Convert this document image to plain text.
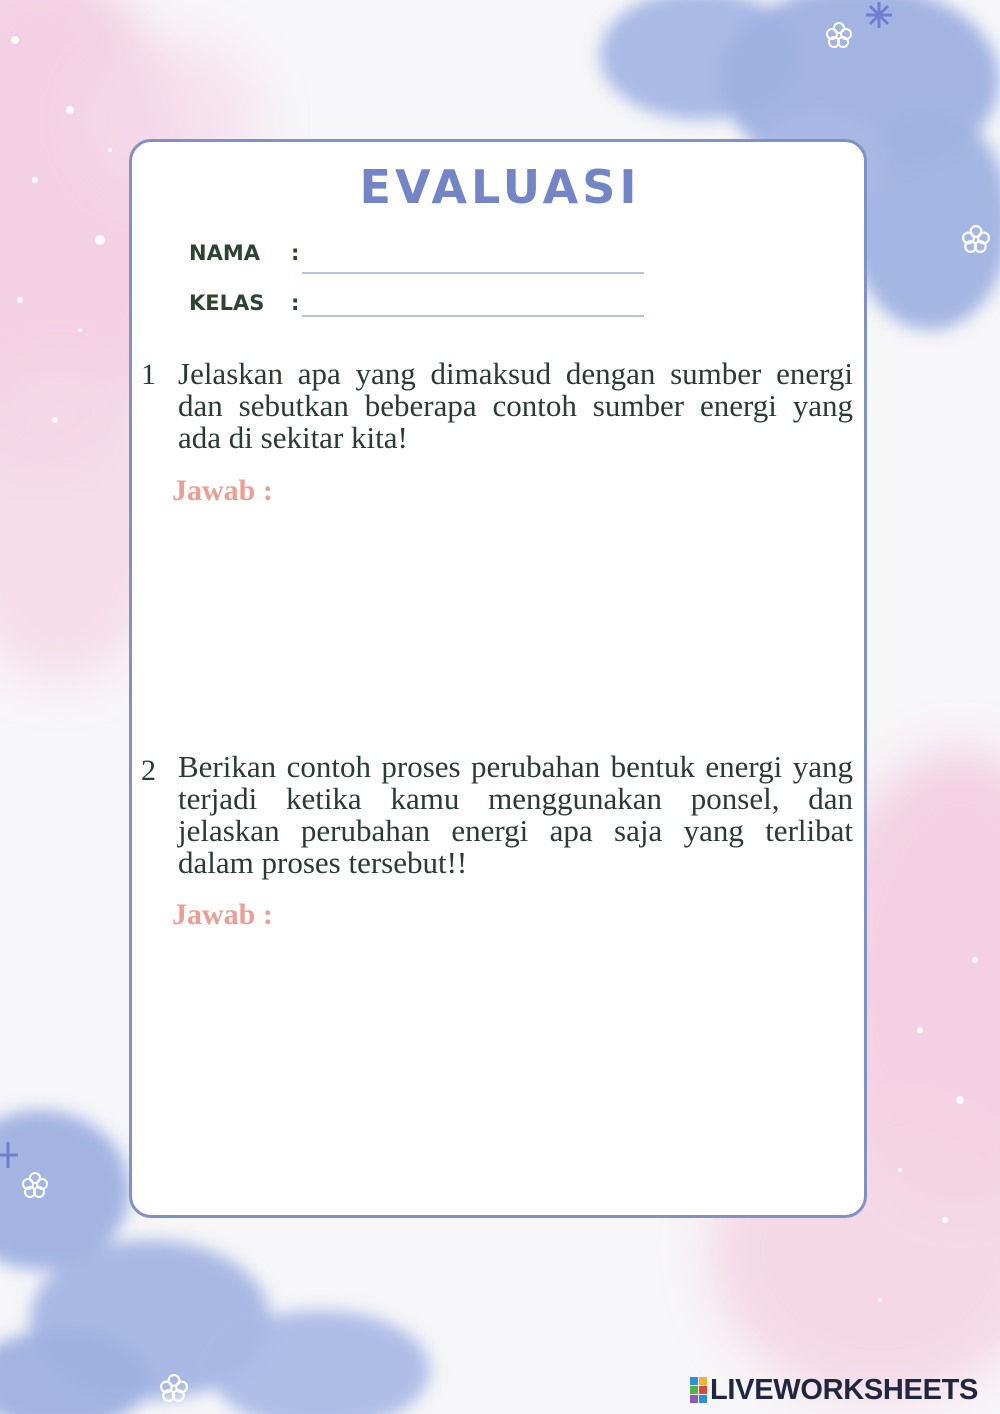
EVALUASI
NAMA :
KELAS :
1 Jelaskan apa yang dimaksud dengan sumber energi dan sebutkan beberapa contoh sumber energi yang ada di sekitar kita!
Jawab :
2 Berikan contoh proses perubahan bentuk energi yang terjadi ketika kamu menggunakan ponsel, dan jelaskan perubahan energi apa saja yang terlibat dalam proses tersebut!!
Jawab :
LIVEWORKSHEETS
